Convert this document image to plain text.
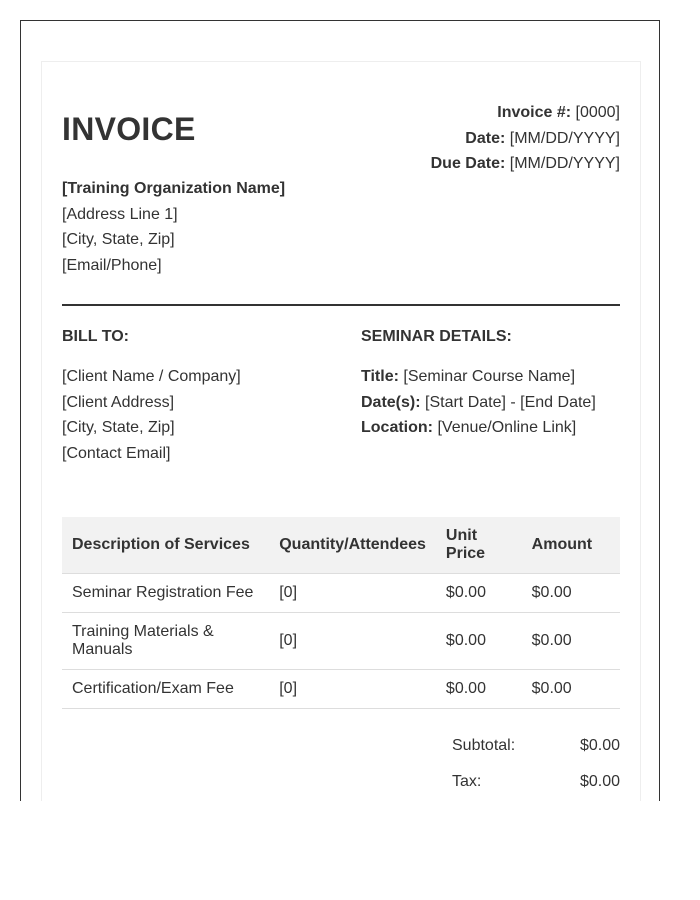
INVOICE	Invoice #: [0000]
Date: [MM/DD/YYYY]
Due Date: [MM/DD/YYYY]
[Training Organization Name]
[Address Line 1]
[City, State, Zip]
[Email/Phone]
BILL TO:
[Client Name / Company]
[Client Address]
[City, State, Zip]
[Contact Email]
SEMINAR DETAILS:
Title: [Seminar Course Name]
Date(s): [Start Date] - [End Date]
Location: [Venue/Online Link]
Description of Services	Quantity/Attendees	Unit Price	Amount
Seminar Registration Fee	[0]	$0.00	$0.00
Training Materials & Manuals	[0]	$0.00	$0.00
Certification/Exam Fee	[0]	$0.00	$0.00
Subtotal:	$0.00
Tax:	$0.00
